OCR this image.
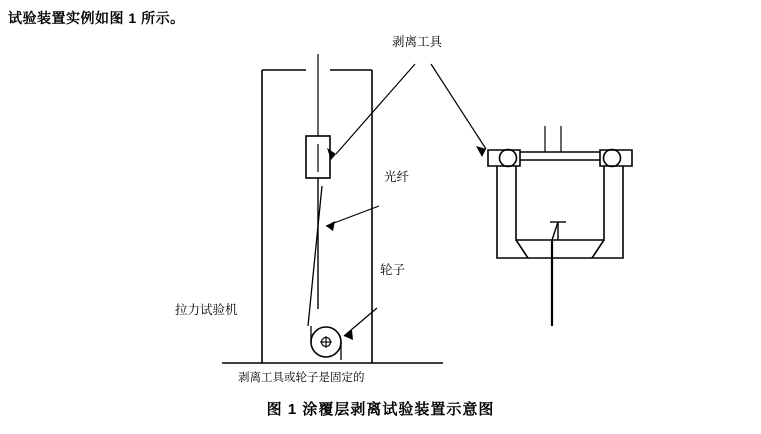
试验装置实例如图 1 所示。
剥离工具
光纤
轮子
拉力试验机
剥离工具或轮子是固定的
图 1 涂覆层剥离试验装置示意图
